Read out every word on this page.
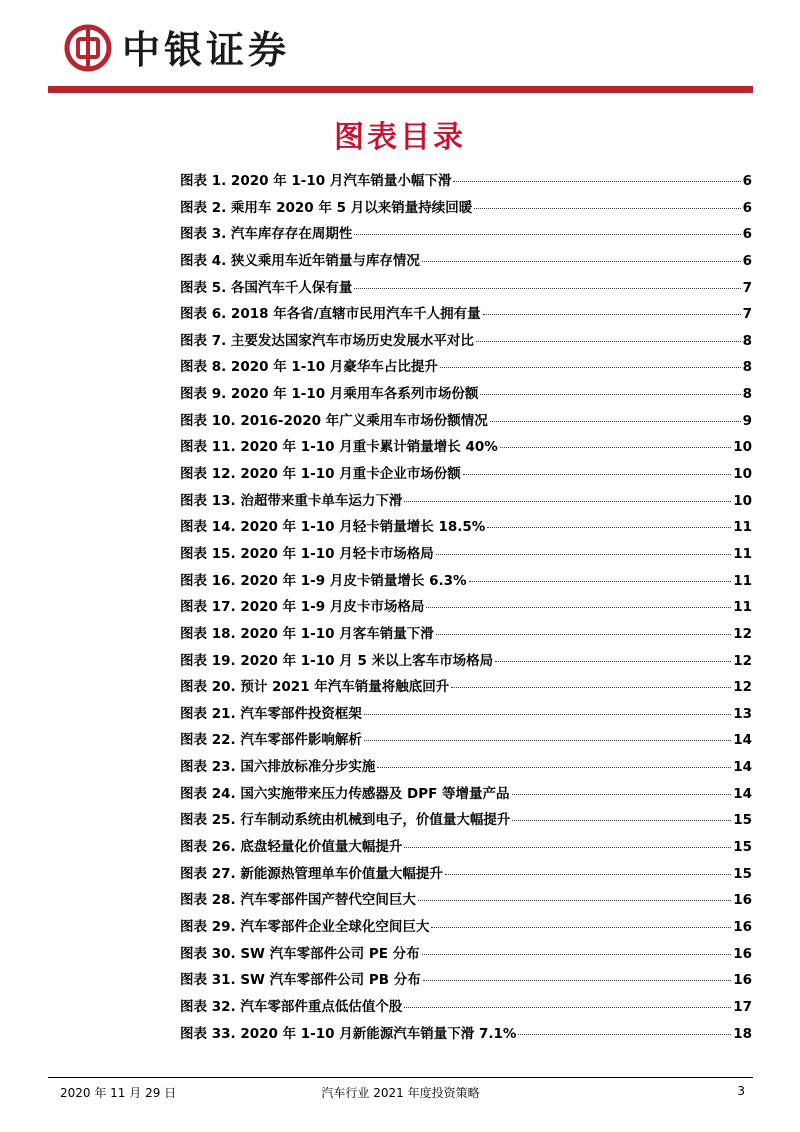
中银证券
图表目录
图表 1. 2020 年 1-10 月汽车销量小幅下滑	6
图表 2. 乘用车 2020 年 5 月以来销量持续回暖	6
图表 3. 汽车库存存在周期性	6
图表 4. 狭义乘用车近年销量与库存情况	6
图表 5. 各国汽车千人保有量	7
图表 6. 2018 年各省/直辖市民用汽车千人拥有量	7
图表 7. 主要发达国家汽车市场历史发展水平对比	8
图表 8. 2020 年 1-10 月豪华车占比提升	8
图表 9. 2020 年 1-10 月乘用车各系列市场份额	8
图表 10. 2016-2020 年广义乘用车市场份额情况	9
图表 11. 2020 年 1-10 月重卡累计销量增长 40%	10
图表 12. 2020 年 1-10 月重卡企业市场份额	10
图表 13. 治超带来重卡单车运力下滑	10
图表 14. 2020 年 1-10 月轻卡销量增长 18.5%	11
图表 15. 2020 年 1-10 月轻卡市场格局	11
图表 16. 2020 年 1-9 月皮卡销量增长 6.3%	11
图表 17. 2020 年 1-9 月皮卡市场格局	11
图表 18. 2020 年 1-10 月客车销量下滑	12
图表 19. 2020 年 1-10 月 5 米以上客车市场格局	12
图表 20. 预计 2021 年汽车销量将触底回升	12
图表 21. 汽车零部件投资框架	13
图表 22. 汽车零部件影响解析	14
图表 23. 国六排放标准分步实施	14
图表 24. 国六实施带来压力传感器及 DPF 等增量产品	14
图表 25. 行车制动系统由机械到电子，价值量大幅提升	15
图表 26. 底盘轻量化价值量大幅提升	15
图表 27. 新能源热管理单车价值量大幅提升	15
图表 28. 汽车零部件国产替代空间巨大	16
图表 29. 汽车零部件企业全球化空间巨大	16
图表 30. SW 汽车零部件公司 PE 分布	16
图表 31. SW 汽车零部件公司 PB 分布	16
图表 32. 汽车零部件重点低估值个股	17
图表 33. 2020 年 1-10 月新能源汽车销量下滑 7.1%	18
2020 年 11 月 29 日	汽车行业 2021 年度投资策略	3
